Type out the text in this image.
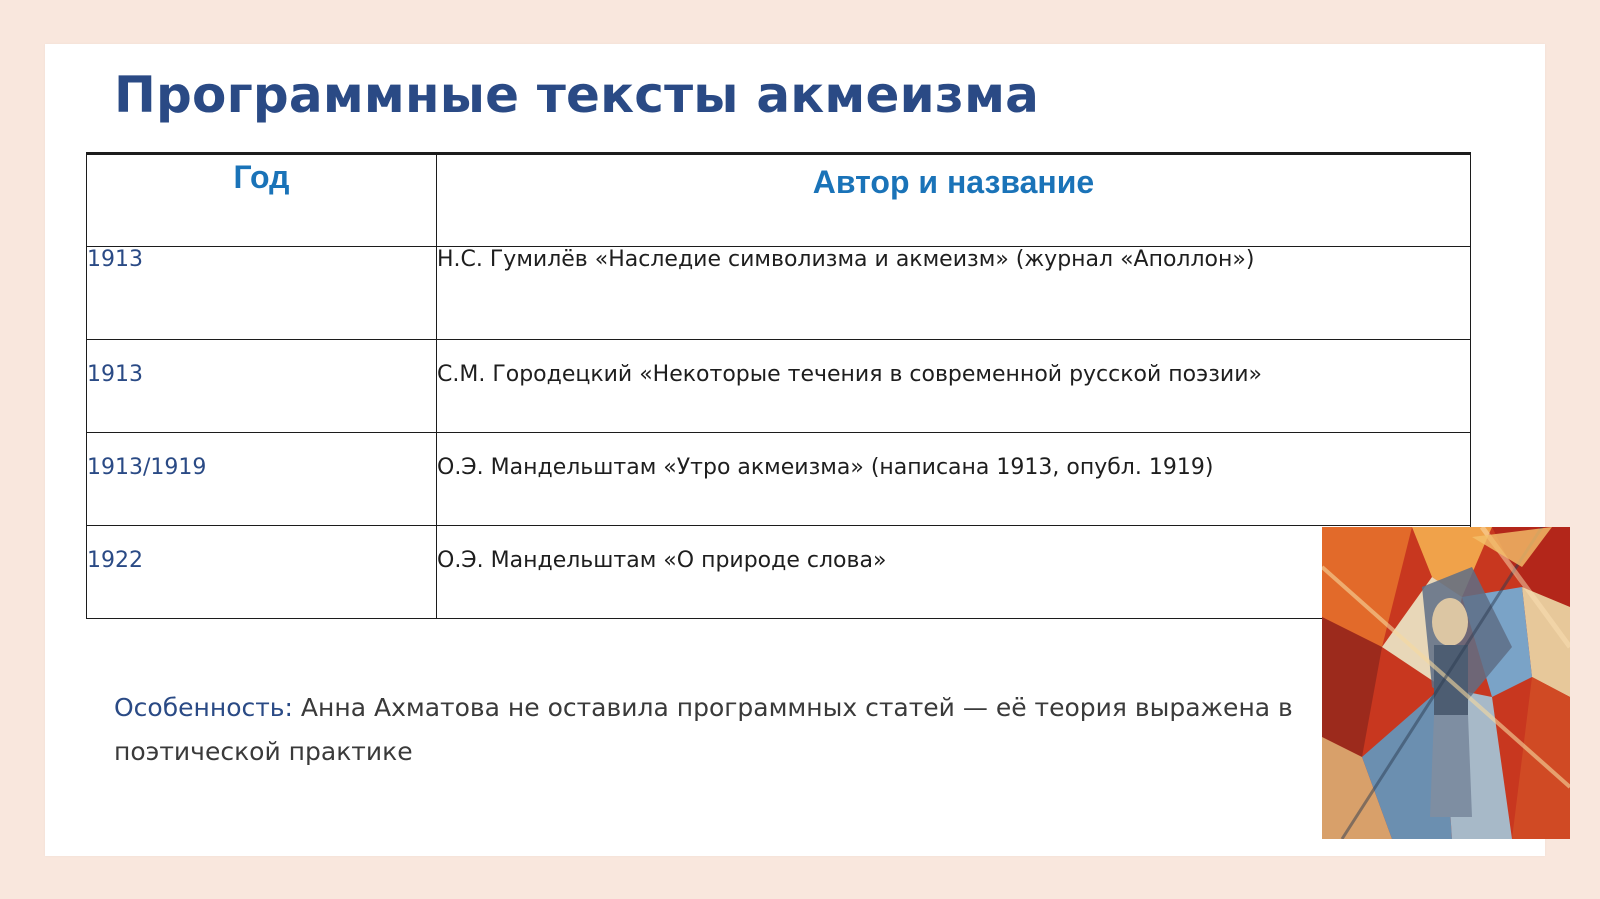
Программные тексты акмеизма
Год	Автор и название

1913	Н.С. Гумилёв «Наследие символизма и акмеизм» (журнал «Аполлон»)
1913	С.М. Городецкий «Некоторые течения в современной русской поэзии»
1913/1919	О.Э. Мандельштам «Утро акмеизма» (написана 1913, опубл. 1919)
1922	О.Э. Мандельштам «О природе слова»

Особенность: Анна Ахматова не оставила программных статей — её теория выражена в поэтической практике
